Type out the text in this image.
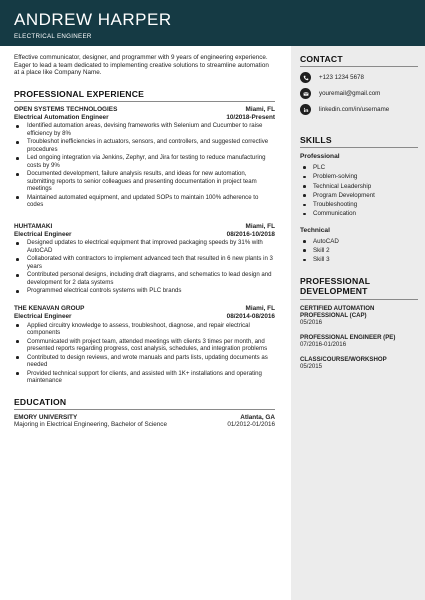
ANDREW HARPER
ELECTRICAL ENGINEER
CONTACT
+123 1234 5678
youremail@gmail.com
linkedin.com/in/username
SKILLS
Professional
PLC
Problem-solving
Technical Leadership
Program Development
Troubleshooting
Communication
Technical
AutoCAD
Skill 2
Skill 3
PROFESSIONAL DEVELOPMENT
CERTIFIED AUTOMATION PROFESSIONAL (CAP)
05/2016
PROFESSIONAL ENGINEER (PE)
07/2016-01/2016
CLASS/COURSE/WORKSHOP
05/2015

Effective communicator, designer, and programmer with 9 years of engineering experience. Eager to lead a team dedicated to implementing creative solutions to streamline automation at a place like Company Name.

PROFESSIONAL EXPERIENCE
OPEN SYSTEMS TECHNOLOGIES	Miami, FL
Electrical Automation Engineer	10/2018-Present
Identified automation areas, devising frameworks with Selenium and Cucumber to raise efficiency by 8%
Troubleshot inefficiencies in actuators, sensors, and controllers, and suggested corrective procedures
Led ongoing integration via Jenkins, Zephyr, and Jira for testing to reduce manufacturing costs by 9%
Documented development, failure analysis results, and ideas for new automation, submitting reports to senior colleagues and presenting documentation in project team meetings
Maintained automated equipment, and updated SOPs to maintain 100% adherence to codes
HUHTAMAKI	Miami, FL
Electrical Engineer	08/2016-10/2018
Designed updates to electrical equipment that improved packaging speeds by 31% with AutoCAD
Collaborated with contractors to implement advanced tech that resulted in 6 new plants in 3 years
Contributed personal designs, including draft diagrams, and schematics to lead design and development for 2 data systems
Programmed electrical controls systems with PLC brands
THE KENAVAN GROUP	Miami, FL
Electrical Engineer	08/2014-08/2016
Applied circuitry knowledge to assess, troubleshoot, diagnose, and repair electrical components
Communicated with project team, attended meetings with clients 3 times per month, and presented reports regarding progress, cost analysis, schedules, and integration problems
Contributed to design reviews, and wrote manuals and parts lists, updating documents as needed
Provided technical support for clients, and assisted with 1K+ installations and operating maintenance
EDUCATION
EMORY UNIVERSITY	Atlanta, GA
Majoring in Electrical Engineering, Bachelor of Science	01/2012-01/2016
